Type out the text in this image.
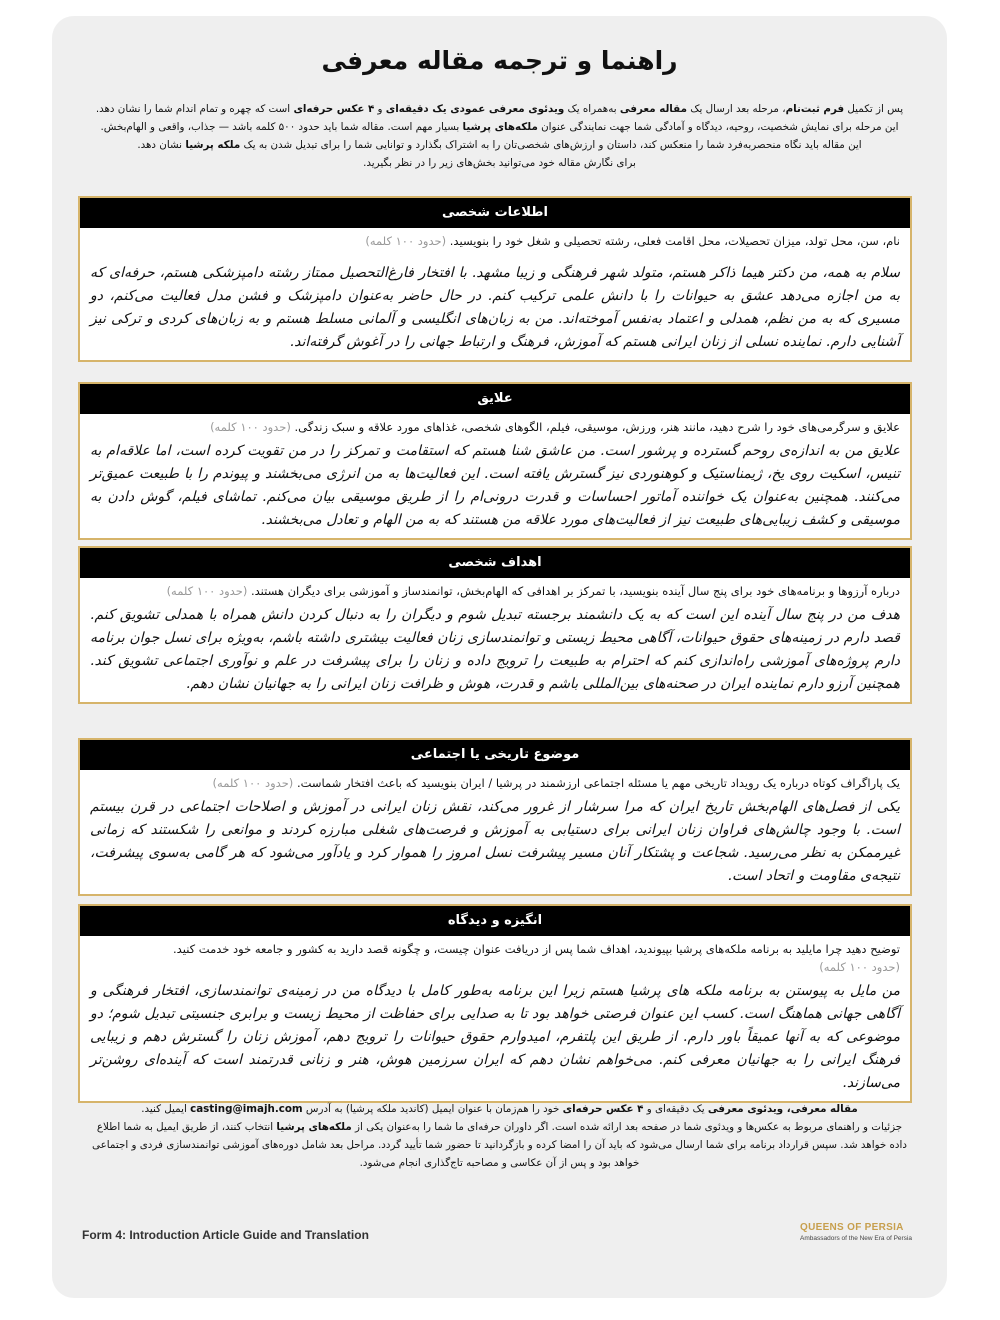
راهنما و ترجمه مقاله معرفی

پس از تکمیل فرم ثبت‌نام، مرحله بعد ارسال یک مقاله معرفی به‌همراه یک ویدئوی معرفی عمودی یک دقیقه‌ای و ۴ عکس حرفه‌ای است که چهره و تمام اندام شما را نشان دهد.

این مرحله برای نمایش شخصیت، روحیه، دیدگاه و آمادگی شما جهت نمایندگی عنوان ملکه‌های پرشیا بسیار مهم است. مقاله شما باید حدود ۵۰۰ کلمه باشد — جذاب، واقعی و الهام‌بخش.

این مقاله باید نگاه منحصربه‌فرد شما را منعکس کند، داستان و ارزش‌های شخصی‌تان را به اشتراک بگذارد و توانایی شما را برای تبدیل شدن به یک ملکه پرشیا نشان دهد.

برای نگارش مقاله خود می‌توانید بخش‌های زیر را در نظر بگیرید.

اطلاعات شخصی
نام، سن، محل تولد، میزان تحصیلات، محل اقامت فعلی، رشته تحصیلی و شغل خود را بنویسید. (حدود ۱۰۰ کلمه)
سلام به همه، من دکتر هیما ذاکر هستم، متولد شهر فرهنگی و زیبا مشهد. با افتخار فارغ‌التحصیل ممتاز رشته دامپزشکی هستم، حرفه‌ای که به من اجازه می‌دهد عشق به حیوانات را با دانش علمی ترکیب کنم. در حال حاضر به‌عنوان دامپزشک و فشن مدل فعالیت می‌کنم، دو مسیری که به من نظم، همدلی و اعتماد به‌نفس آموخته‌اند. من به زبان‌های انگلیسی و آلمانی مسلط هستم و به زبان‌های کردی و ترکی نیز آشنایی دارم. نماینده نسلی از زنان ایرانی هستم که آموزش، فرهنگ و ارتباط جهانی را در آغوش گرفته‌اند.
علایق
علایق و سرگرمی‌های خود را شرح دهید، مانند هنر، ورزش، موسیقی، فیلم، الگوهای شخصی، غذاهای مورد علاقه و سبک زندگی. (حدود ۱۰۰ کلمه)
علایق من به اندازه‌ی روحم گسترده و پرشور است. من عاشق شنا هستم که استقامت و تمرکز را در من تقویت کرده است، اما علاقه‌ام به تنیس، اسکیت روی یخ، ژیمناستیک و کوهنوردی نیز گسترش یافته است. این فعالیت‌ها به من انرژی می‌بخشند و پیوندم را با طبیعت عمیق‌تر می‌کنند. همچنین به‌عنوان یک خواننده آماتور احساسات و قدرت درونی‌ام را از طریق موسیقی بیان می‌کنم. تماشای فیلم، گوش دادن به موسیقی و کشف زیبایی‌های طبیعت نیز از فعالیت‌های مورد علاقه من هستند که به من الهام و تعادل می‌بخشند.
اهداف شخصی
درباره آرزوها و برنامه‌های خود برای پنج سال آینده بنویسید، با تمرکز بر اهدافی که الهام‌بخش، توانمندساز و آموزشی برای دیگران هستند. (حدود ۱۰۰ کلمه)
هدف من در پنج سال آینده این است که به یک دانشمند برجسته تبدیل شوم و دیگران را به دنبال کردن دانش همراه با همدلی تشویق کنم. قصد دارم در زمینه‌های حقوق حیوانات، آگاهی محیط زیستی و توانمندسازی زنان فعالیت بیشتری داشته باشم، به‌ویژه برای نسل جوان برنامه دارم پروژه‌های آموزشی راه‌اندازی کنم که احترام به طبیعت را ترویج داده و زنان را برای پیشرفت در علم و نوآوری اجتماعی تشویق کند. همچنین آرزو دارم نماینده ایران در صحنه‌های بین‌المللی باشم و قدرت، هوش و ظرافت زنان ایرانی را به جهانیان نشان دهم.
موضوع تاریخی یا اجتماعی
یک پاراگراف کوتاه درباره یک رویداد تاریخی مهم یا مسئله اجتماعی ارزشمند در پرشیا / ایران بنویسید که باعث افتخار شماست. (حدود ۱۰۰ کلمه)
یکی از فصل‌های الهام‌بخش تاریخ ایران که مرا سرشار از غرور می‌کند، نقش زنان ایرانی در آموزش و اصلاحات اجتماعی در قرن بیستم است. با وجود چالش‌های فراوان زنان ایرانی برای دستیابی به آموزش و فرصت‌های شغلی مبارزه کردند و موانعی را شکستند که زمانی غیرممکن به نظر می‌رسید. شجاعت و پشتکار آنان مسیر پیشرفت نسل امروز را هموار کرد و یادآور می‌شود که هر گامی به‌سوی پیشرفت، نتیجه‌ی مقاومت و اتحاد است.
انگیزه و دیدگاه
توضیح دهید چرا مایلید به برنامه ملکه‌های پرشیا بپیوندید، اهداف شما پس از دریافت عنوان چیست، و چگونه قصد دارید به کشور و جامعه خود خدمت کنید.
(حدود ۱۰۰ کلمه)
من مایل به پیوستن به برنامه ملکه های پرشیا هستم زیرا این برنامه به‌طور کامل با دیدگاه من در زمینه‌ی توانمندسازی، افتخار فرهنگی و آگاهی جهانی هماهنگ است. کسب این عنوان فرصتی خواهد بود تا به صدایی برای حفاظت از محیط زیست و برابری جنسیتی تبدیل شوم؛ دو موضوعی که به آنها عمیقاً باور دارم. از طریق این پلتفرم، امیدوارم حقوق حیوانات را ترویج دهم، آموزش زنان را گسترش دهم و زیبایی فرهنگ ایرانی را به جهانیان معرفی کنم. می‌خواهم نشان دهم که ایران سرزمین هوش، هنر و زنانی قدرتمند است که آینده‌ای روشن‌تر می‌سازند.

مقاله معرفی، ویدئوی معرفی یک دقیقه‌ای و ۴ عکس حرفه‌ای خود را هم‌زمان با عنوان ایمیل (کاندید ملکه پرشیا) به آدرس casting@imajh.com ایمیل کنید.

جزئیات و راهنمای مربوط به عکس‌ها و ویدئوی شما در صفحه بعد ارائه شده است. اگر داوران حرفه‌ای ما شما را به‌عنوان یکی از ملکه‌های پرشیا انتخاب کنند، از طریق ایمیل به شما اطلاع داده خواهد شد. سپس قرارداد برنامه برای شما ارسال می‌شود که باید آن را امضا کرده و بازگردانید تا حضور شما تأیید گردد. مراحل بعد شامل دوره‌های آموزشی توانمندسازی فردی و اجتماعی خواهد بود و پس از آن عکاسی و مصاحبه تاج‌گذاری انجام می‌شود.

Form 4: Introduction Article Guide and Translation
QUEENS OF PERSIA
Ambassadors of the New Era of Persia
